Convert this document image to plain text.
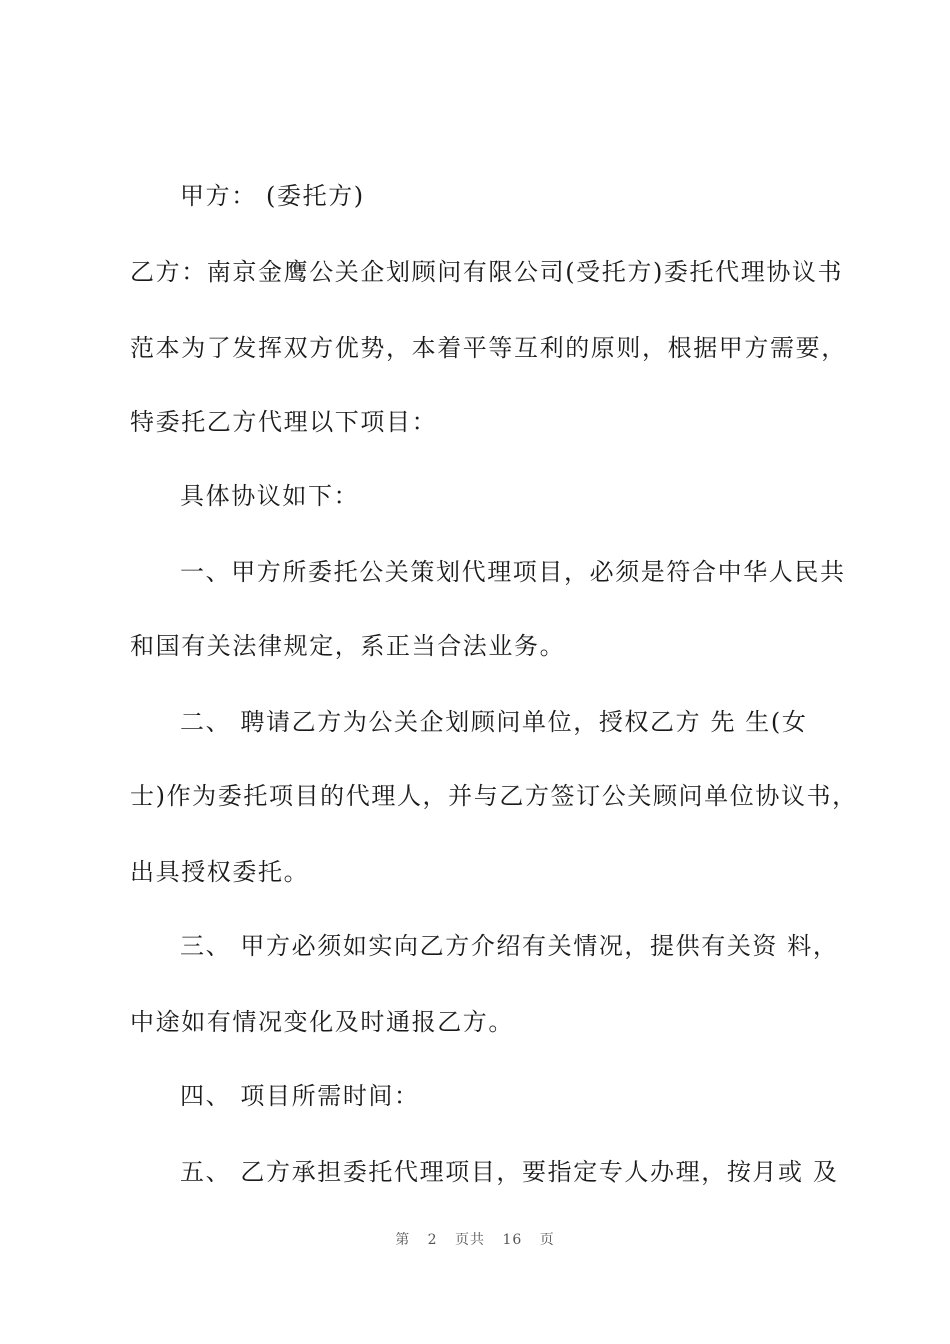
甲方： (委托方)
乙方：南京金鹰公关企划顾问有限公司(受托方)委托代理协议书
范本为了发挥双方优势，本着平等互利的原则，根据甲方需要，
特委托乙方代理以下项目：
具体协议如下：
一、甲方所委托公关策划代理项目，必须是符合中华人民共
和国有关法律规定，系正当合法业务。
二、 聘请乙方为公关企划顾问单位，授权乙方 先 生(女
士)作为委托项目的代理人，并与乙方签订公关顾问单位协议书，
出具授权委托。
三、 甲方必须如实向乙方介绍有关情况，提供有关资 料，
中途如有情况变化及时通报乙方。
四、 项目所需时间：
五、 乙方承担委托代理项目，要指定专人办理，按月或 及
第 2 页共 16 页
